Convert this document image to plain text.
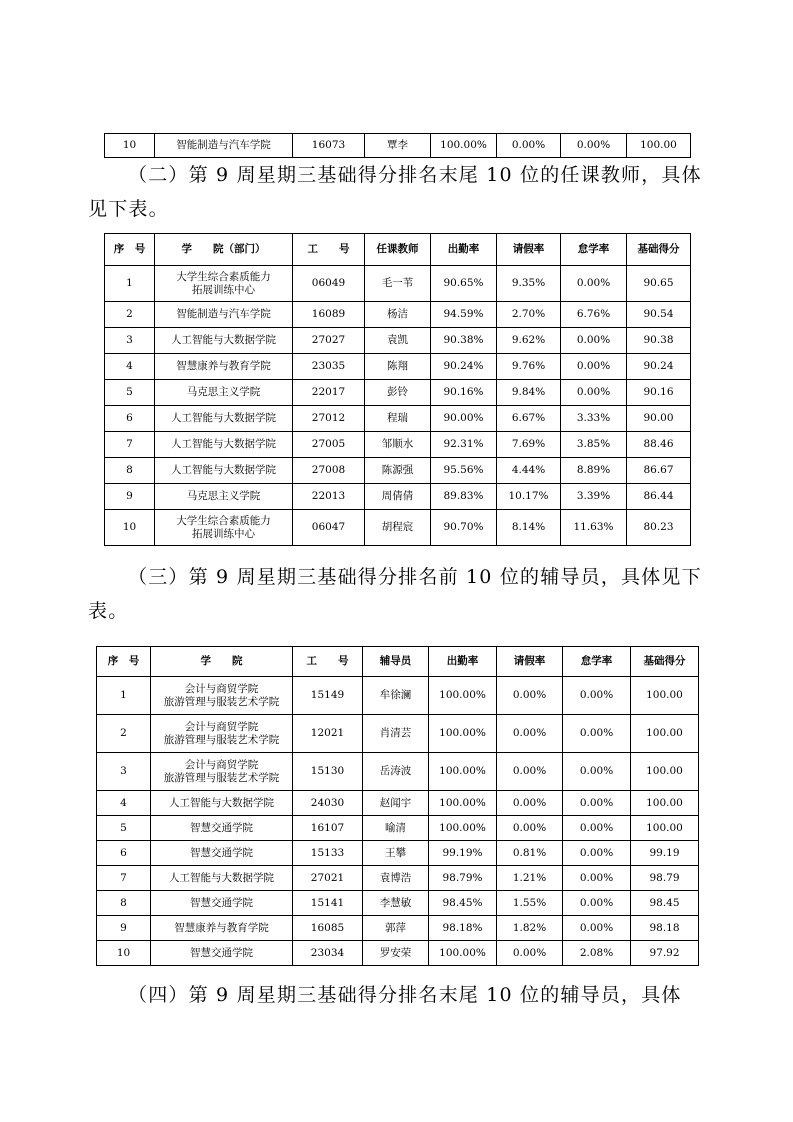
10	智能制造与汽车学院	16073	覃李	100.00%	0.00%	0.00%	100.00
（二）第 9 周星期三基础得分排名末尾 10 位的任课教师，具体见下表。
序　号	学　　院（部门）	工　　号	任课教师	出勤率	请假率	怠学率	基础得分
1	大学生综合素质能力
拓展训练中心	06049	毛一苇	90.65%	9.35%	0.00%	90.65
2	智能制造与汽车学院	16089	杨洁	94.59%	2.70%	6.76%	90.54
3	人工智能与大数据学院	27027	袁凯	90.38%	9.62%	0.00%	90.38
4	智慧康养与教育学院	23035	陈翔	90.24%	9.76%	0.00%	90.24
5	马克思主义学院	22017	彭铃	90.16%	9.84%	0.00%	90.16
6	人工智能与大数据学院	27012	程瑞	90.00%	6.67%	3.33%	90.00
7	人工智能与大数据学院	27005	邹顺水	92.31%	7.69%	3.85%	88.46
8	人工智能与大数据学院	27008	陈源强	95.56%	4.44%	8.89%	86.67
9	马克思主义学院	22013	周倩倩	89.83%	10.17%	3.39%	86.44
10	大学生综合素质能力
拓展训练中心	06047	胡程宸	90.70%	8.14%	11.63%	80.23
（三）第 9 周星期三基础得分排名前 10 位的辅导员，具体见下表。
序　号	学　　院	工　　号	辅导员	出勤率	请假率	怠学率	基础得分
1	会计与商贸学院
旅游管理与服装艺术学院	15149	牟徐澜	100.00%	0.00%	0.00%	100.00
2	会计与商贸学院
旅游管理与服装艺术学院	12021	肖清芸	100.00%	0.00%	0.00%	100.00
3	会计与商贸学院
旅游管理与服装艺术学院	15130	岳涛波	100.00%	0.00%	0.00%	100.00
4	人工智能与大数据学院	24030	赵闻宇	100.00%	0.00%	0.00%	100.00
5	智慧交通学院	16107	喻清	100.00%	0.00%	0.00%	100.00
6	智慧交通学院	15133	王攀	99.19%	0.81%	0.00%	99.19
7	人工智能与大数据学院	27021	袁博浩	98.79%	1.21%	0.00%	98.79
8	智慧交通学院	15141	李慧敏	98.45%	1.55%	0.00%	98.45
9	智慧康养与教育学院	16085	郭萍	98.18%	1.82%	0.00%	98.18
10	智慧交通学院	23034	罗安荣	100.00%	0.00%	2.08%	97.92
（四）第 9 周星期三基础得分排名末尾 10 位的辅导员，具体
